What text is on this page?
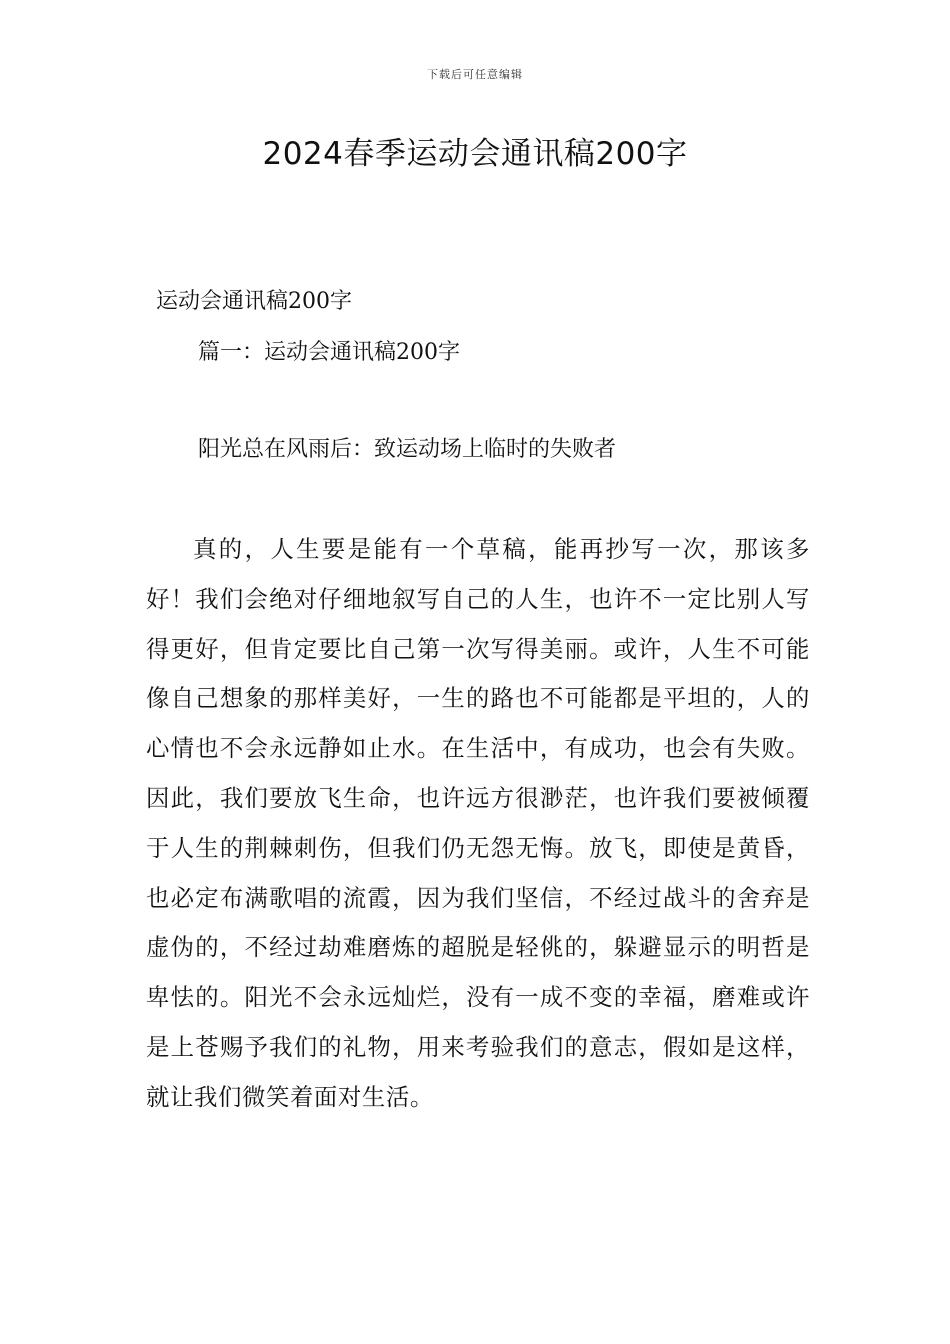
下载后可任意编辑
2024春季运动会通讯稿200字
运动会通讯稿200字
篇一：运动会通讯稿200字
阳光总在风雨后：致运动场上临时的失败者

真的，人生要是能有一个草稿，能再抄写一次，那该多好！我们会绝对仔细地叙写自己的人生，也许不一定比别人写得更好，但肯定要比自己第一次写得美丽。或许，人生不可能像自己想象的那样美好，一生的路也不可能都是平坦的，人的心情也不会永远静如止水。在生活中，有成功，也会有失败。因此，我们要放飞生命，也许远方很渺茫，也许我们要被倾覆于人生的荆棘刺伤，但我们仍无怨无悔。放飞，即使是黄昏，也必定布满歌唱的流霞，因为我们坚信，不经过战斗的舍弃是虚伪的，不经过劫难磨炼的超脱是轻佻的，躲避显示的明哲是卑怯的。阳光不会永远灿烂，没有一成不变的幸福，磨难或许是上苍赐予我们的礼物，用来考验我们的意志，假如是这样，就让我们微笑着面对生活。
